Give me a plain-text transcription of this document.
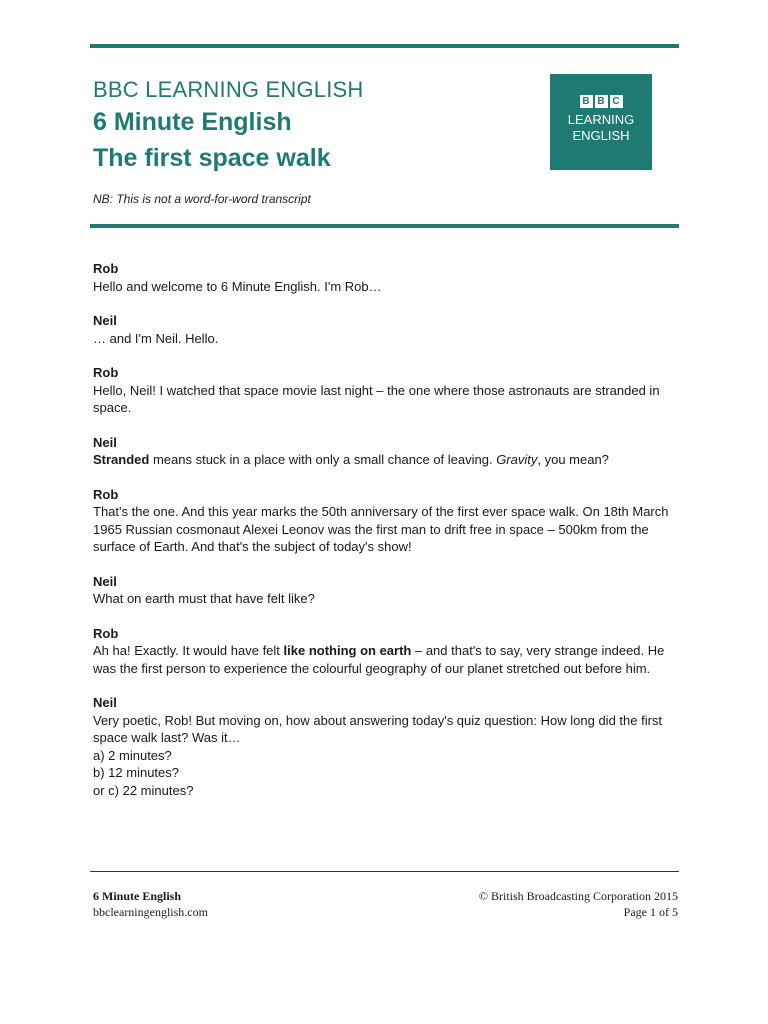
BBC LEARNING ENGLISH
6 Minute English
The first space walk
B B C
LEARNING
ENGLISH
NB: This is not a word-for-word transcript
Rob
Hello and welcome to 6 Minute English. I'm Rob…
Neil
… and I'm Neil. Hello.
Rob
Hello, Neil! I watched that space movie last night – the one where those astronauts are stranded in space.
Neil
Stranded means stuck in a place with only a small chance of leaving. Gravity, you mean?
Rob
That's the one. And this year marks the 50th anniversary of the first ever space walk. On 18th March 1965 Russian cosmonaut Alexei Leonov was the first man to drift free in space – 500km from the surface of Earth. And that's the subject of today's show!
Neil
What on earth must that have felt like?
Rob
Ah ha! Exactly. It would have felt like nothing on earth – and that's to say, very strange indeed. He was the first person to experience the colourful geography of our planet stretched out before him.
Neil
Very poetic, Rob! But moving on, how about answering today's quiz question: How long did the first space walk last? Was it…
a) 2 minutes?
b) 12 minutes?
or c) 22 minutes?
6 Minute English
bbclearningenglish.com
© British Broadcasting Corporation 2015
Page 1 of 5
